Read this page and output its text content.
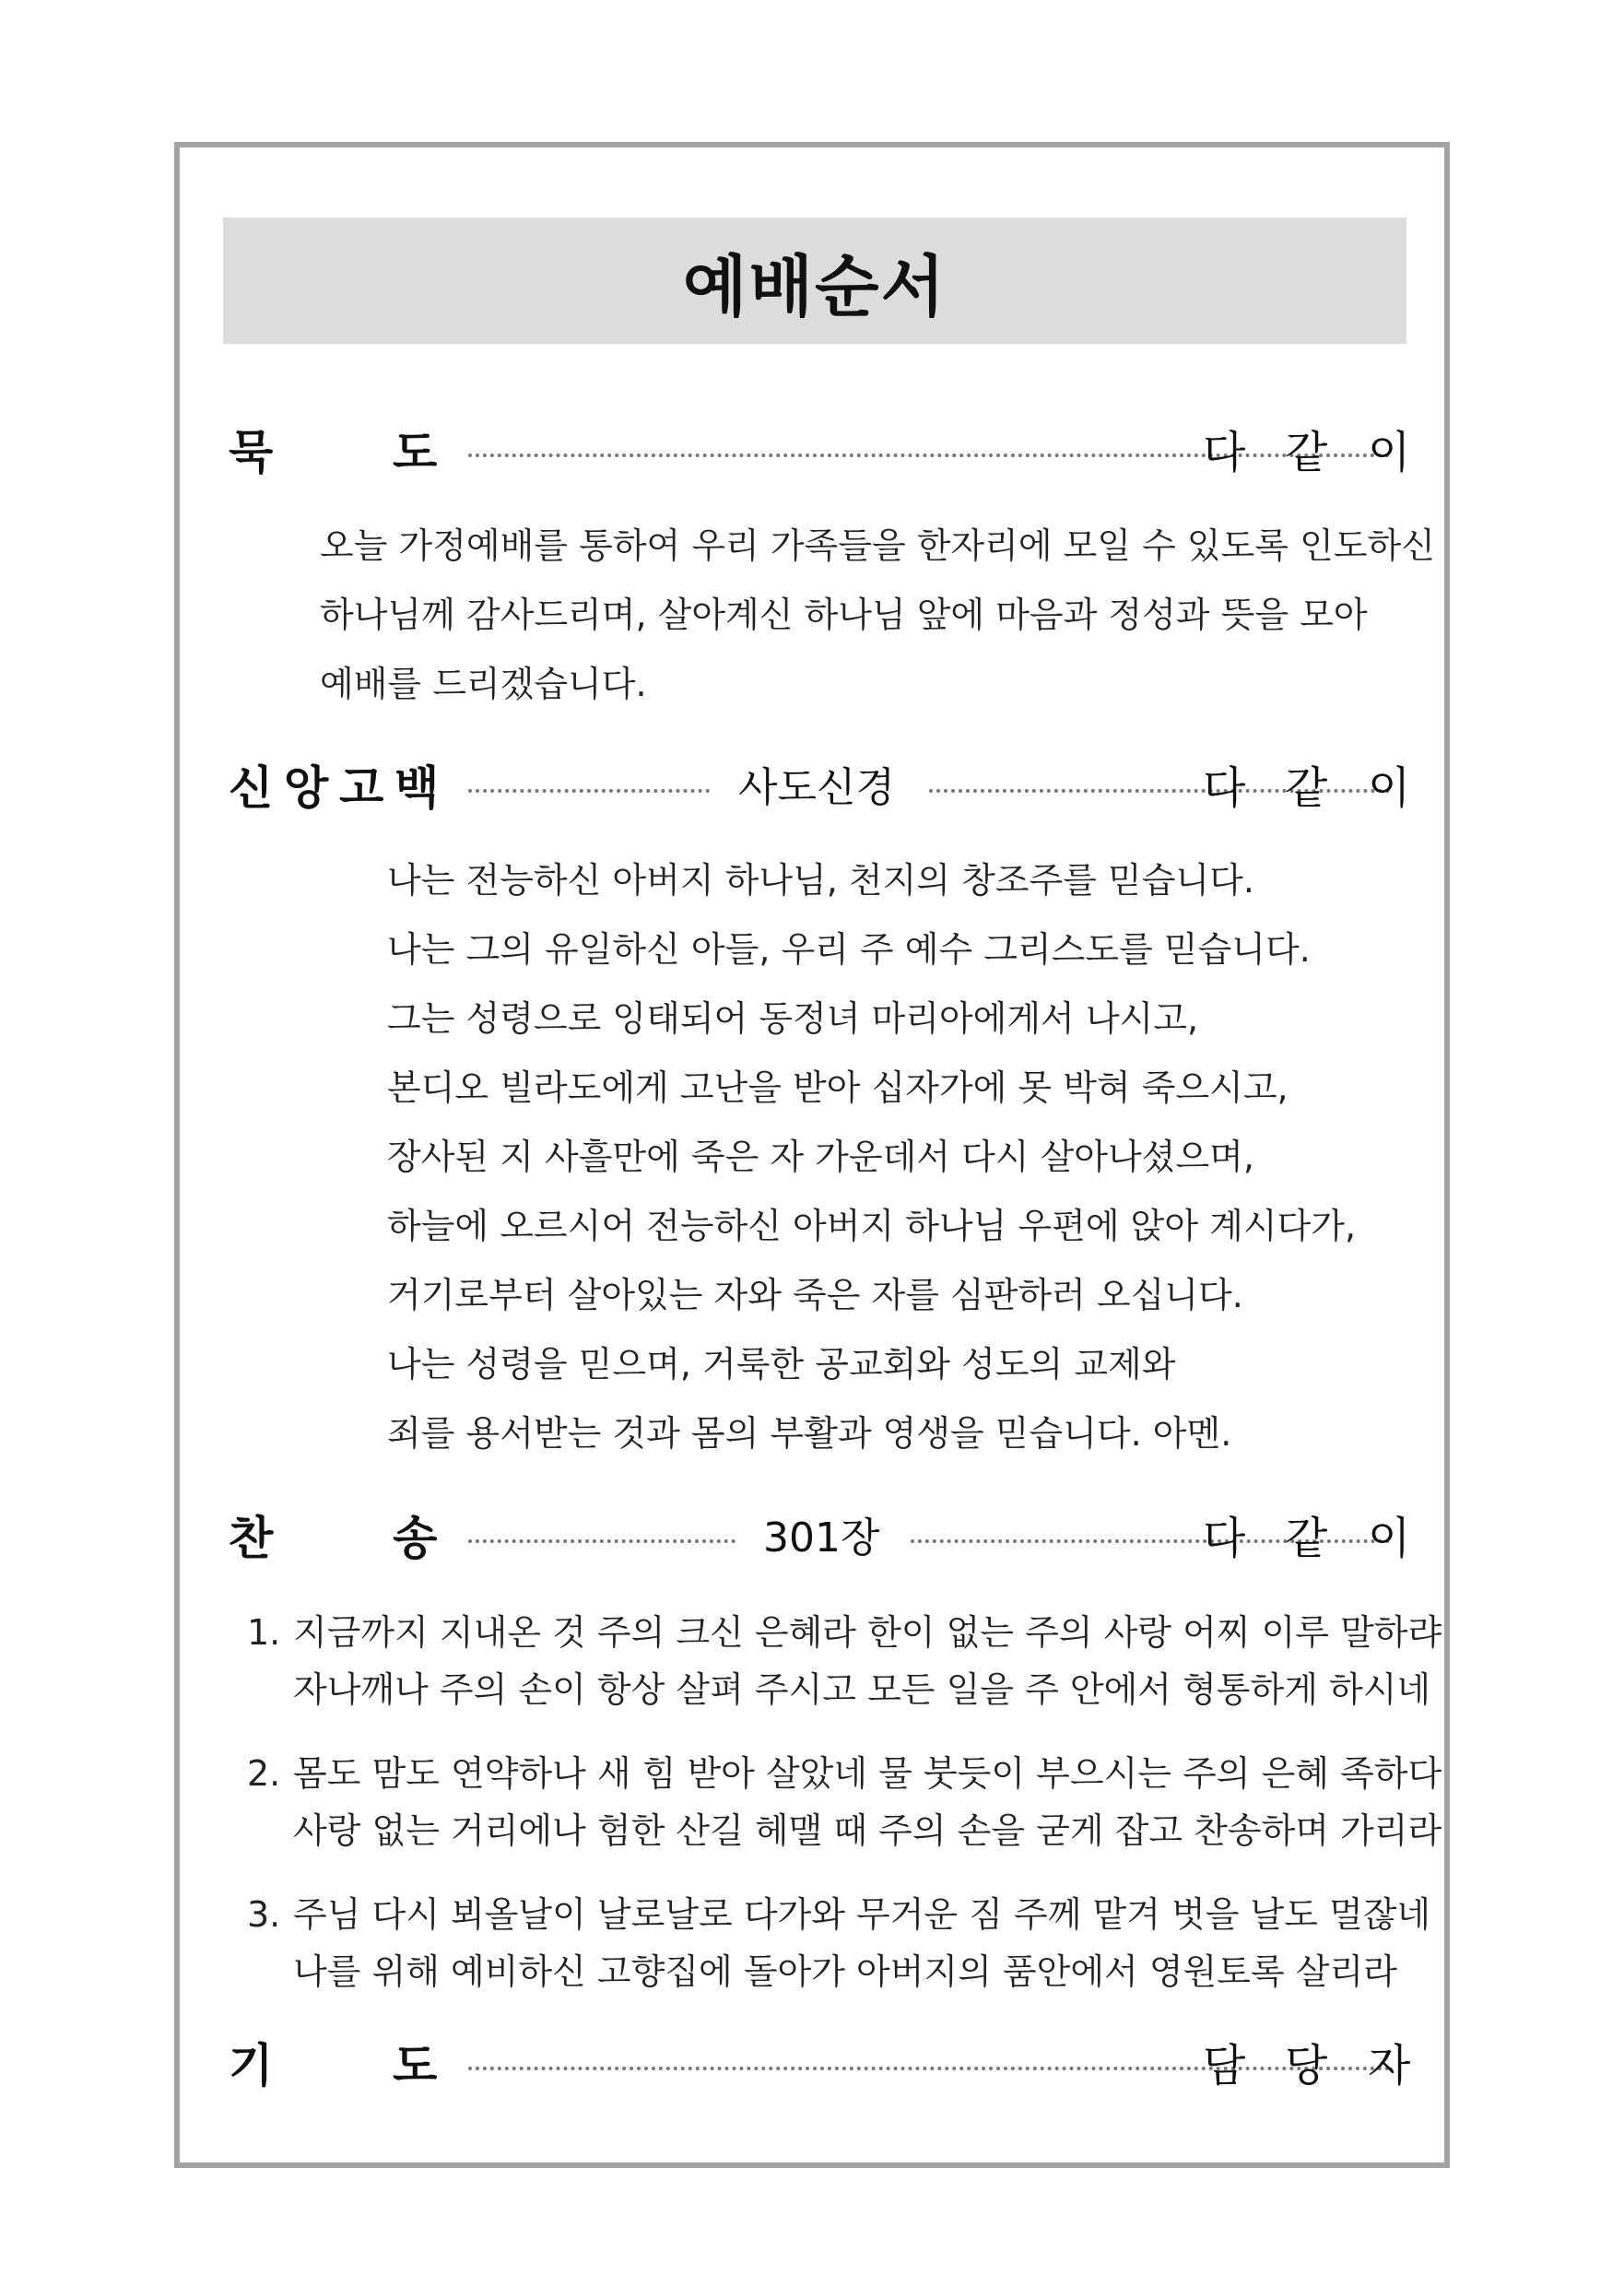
예배순서
묵	도	다 같 이
오늘 가정예배를 통하여 우리 가족들을 한자리에 모일 수 있도록 인도하신
하나님께 감사드리며, 살아계신 하나님 앞에 마음과 정성과 뜻을 모아
예배를 드리겠습니다.
신 앙 고 백	사도신경	다 같 이
나는 전능하신 아버지 하나님, 천지의 창조주를 믿습니다.
나는 그의 유일하신 아들, 우리 주 예수 그리스도를 믿습니다.
그는 성령으로 잉태되어 동정녀 마리아에게서 나시고,
본디오 빌라도에게 고난을 받아 십자가에 못 박혀 죽으시고,
장사된 지 사흘만에 죽은 자 가운데서 다시 살아나셨으며,
하늘에 오르시어 전능하신 아버지 하나님 우편에 앉아 계시다가,
거기로부터 살아있는 자와 죽은 자를 심판하러 오십니다.
나는 성령을 믿으며, 거룩한 공교회와 성도의 교제와
죄를 용서받는 것과 몸의 부활과 영생을 믿습니다. 아멘.
찬	송	301장	다 같 이
1. 지금까지 지내온 것 주의 크신 은혜라 한이 없는 주의 사랑 어찌 이루 말하랴
자나깨나 주의 손이 항상 살펴 주시고 모든 일을 주 안에서 형통하게 하시네
2. 몸도 맘도 연약하나 새 힘 받아 살았네 물 붓듯이 부으시는 주의 은혜 족하다
사랑 없는 거리에나 험한 산길 헤맬 때 주의 손을 굳게 잡고 찬송하며 가리라
3. 주님 다시 뵈올날이 날로날로 다가와 무거운 짐 주께 맡겨 벗을 날도 멀잖네
나를 위해 예비하신 고향집에 돌아가 아버지의 품안에서 영원토록 살리라
기	도	담 당 자
